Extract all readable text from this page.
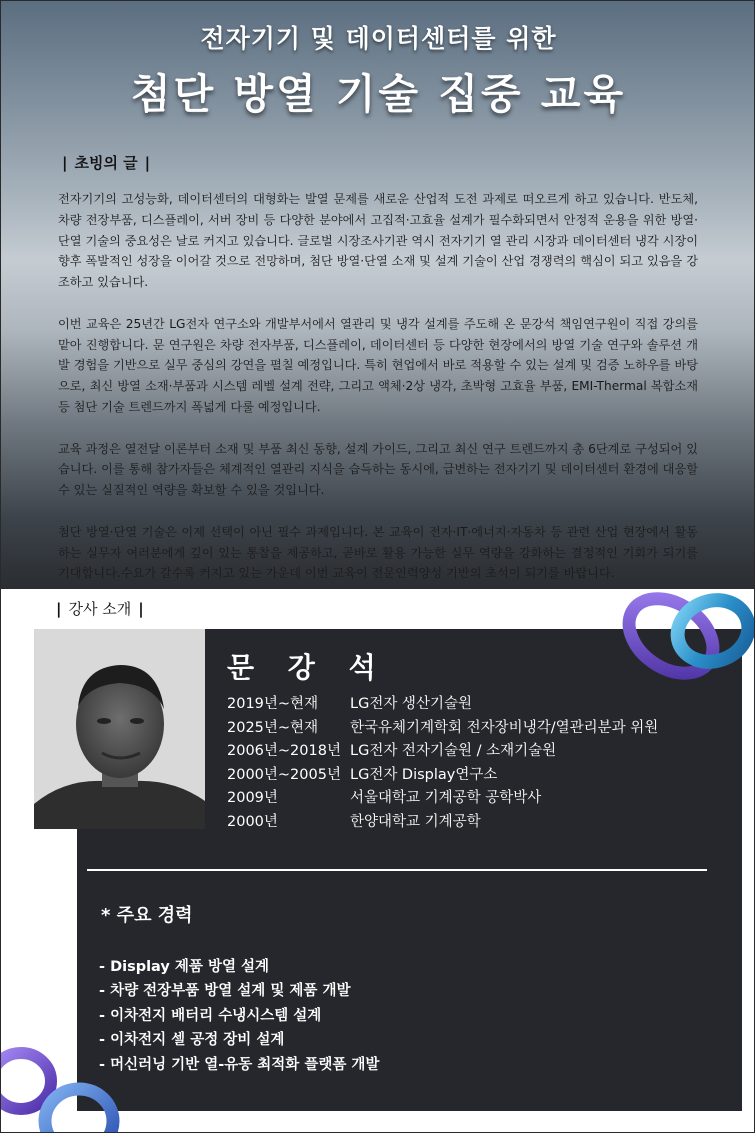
전자기기 및 데이터센터를 위한
첨단 방열 기술 집중 교육
| 초빙의 글 |

전자기기의 고성능화, 데이터센터의 대형화는 발열 문제를 새로운 산업적 도전 과제로 떠오르게 하고 있습니다. 반도체, 차량 전장부품, 디스플레이, 서버 장비 등 다양한 분야에서 고집적·고효율 설계가 필수화되면서 안정적 운용을 위한 방열·단열 기술의 중요성은 날로 커지고 있습니다. 글로벌 시장조사기관 역시 전자기기 열 관리 시장과 데이터센터 냉각 시장이 향후 폭발적인 성장을 이어갈 것으로 전망하며, 첨단 방열·단열 소재 및 설계 기술이 산업 경쟁력의 핵심이 되고 있음을 강조하고 있습니다.

이번 교육은 25년간 LG전자 연구소와 개발부서에서 열관리 및 냉각 설계를 주도해 온 문강석 책임연구원이 직접 강의를 맡아 진행합니다. 문 연구원은 차량 전자부품, 디스플레이, 데이터센터 등 다양한 현장에서의 방열 기술 연구와 솔루션 개발 경험을 기반으로 실무 중심의 강연을 펼칠 예정입니다. 특히 현업에서 바로 적용할 수 있는 설계 및 검증 노하우를 바탕으로, 최신 방열 소재·부품과 시스템 레벨 설계 전략, 그리고 액체·2상 냉각, 초박형 고효율 부품, EMI-Thermal 복합소재 등 첨단 기술 트렌드까지 폭넓게 다룰 예정입니다.

교육 과정은 열전달 이론부터 소재 및 부품 최신 동향, 설계 가이드, 그리고 최신 연구 트렌드까지 총 6단계로 구성되어 있습니다. 이를 통해 참가자들은 체계적인 열관리 지식을 습득하는 동시에, 급변하는 전자기기 및 데이터센터 환경에 대응할 수 있는 실질적인 역량을 확보할 수 있을 것입니다.

첨단 방열·단열 기술은 이제 선택이 아닌 필수 과제입니다. 본 교육이 전자·IT·에너지·자동차 등 관련 산업 현장에서 활동하는 실무자 여러분에게 깊이 있는 통찰을 제공하고, 곧바로 활용 가능한 실무 역량을 강화하는 결정적인 기회가 되기를 기대합니다.수요가 갈수록 커지고 있는 가운데 이번 교육이 전문인력양성 기반의 초석이 되기를 바랍니다.

| 강사 소개 |
문 강 석
2019년~현재	LG전자 생산기술원
2025년~현재	한국유체기계학회 전자장비냉각/열관리분과 위원
2006년~2018년 LG전자 전자기술원 / 소재기술원
2000년~2005년 LG전자 Display연구소
2009년	서울대학교 기계공학 공학박사
2000년	한양대학교 기계공학
* 주요 경력
- Display 제품 방열 설계
- 차량 전장부품 방열 설계 및 제품 개발
- 이차전지 배터리 수냉시스템 설계
- 이차전지 셀 공정 장비 설계
- 머신러닝 기반 열-유동 최적화 플랫폼 개발
